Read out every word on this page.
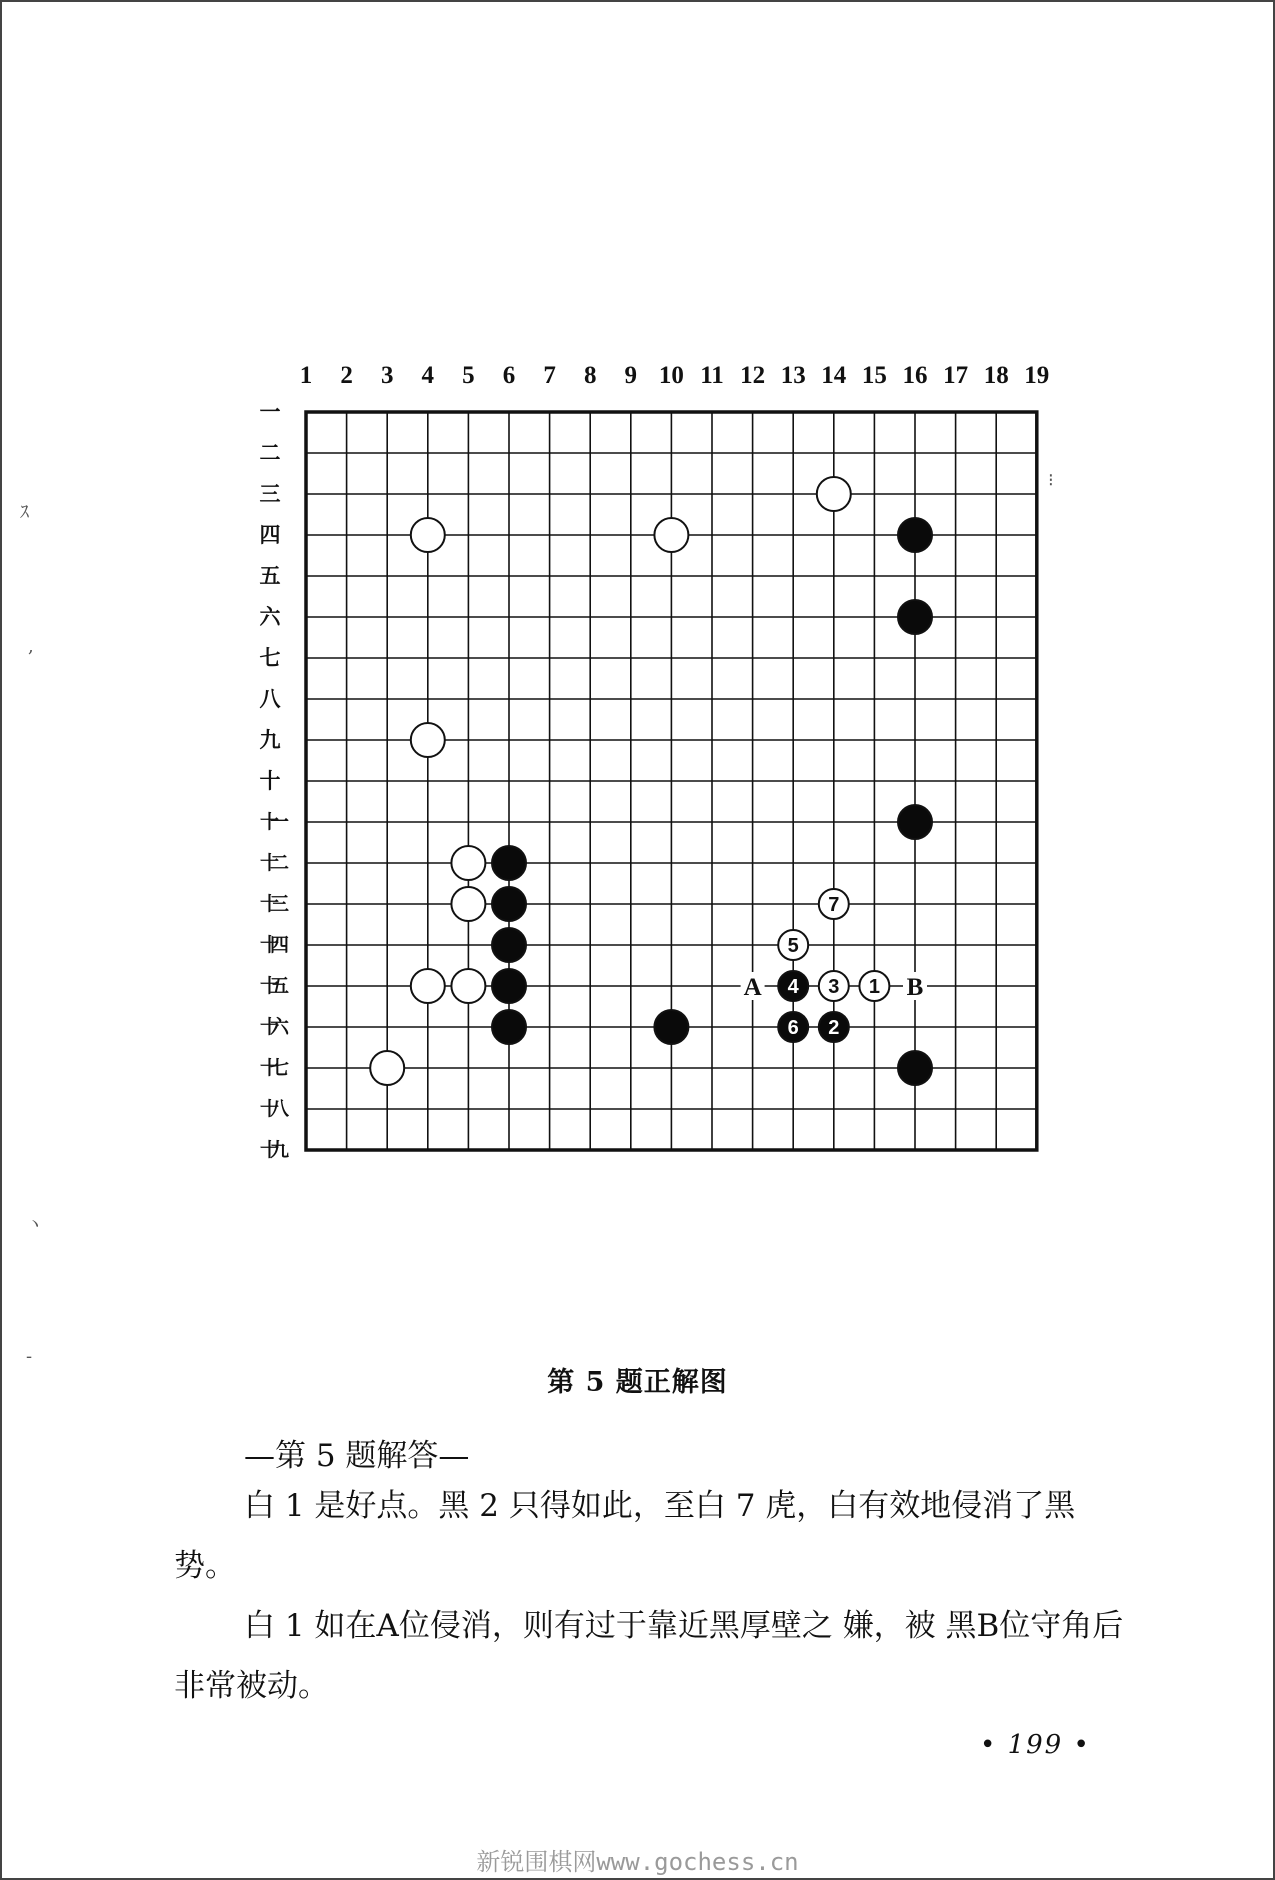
ｽ
,
ヽ
-
⁝
1	2	3	4	5	6	7	8	9 10 11 12 13 14 15 16 17 18 19
一
二
三
四
五
六
七
八
九
十
十一
十二
十三
十四
十五
十六
十七
十八
十九
A	B
1
2
3
4
5
6
7
第 5 题正解图
—第 5 题解答—
白 1 是好点。黑 2 只得如此，至白 7 虎，白有效地侵消了黑势。
白 1 如在A位侵消，则有过于靠近黑厚壁之 嫌，被 黑B位守角后非常被动。
• 199 •
新锐围棋网www.gochess.cn
